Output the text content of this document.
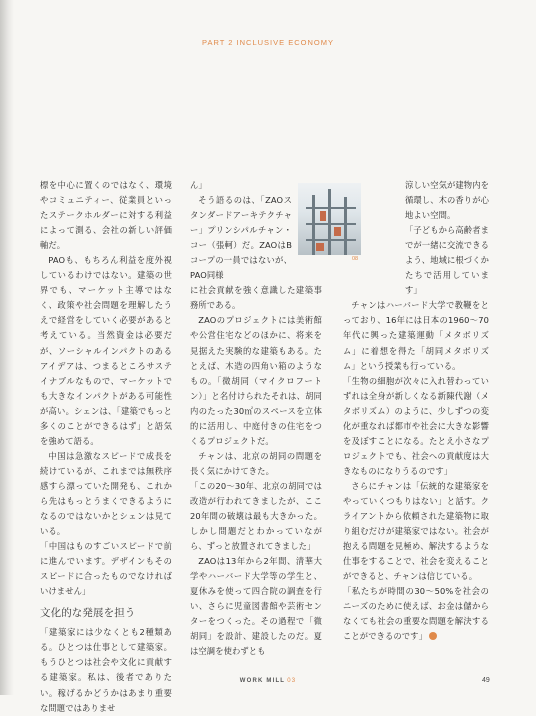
PART 2 INCLUSIVE ECONOMY

標を中心に置くのではなく、環境やコミュニティー、従業員といったステークホルダーに対する利益によって測る、会社の新しい評価軸だ。

PAOも、もちろん利益を度外視しているわけではない。建築の世界でも、マーケット主導ではなく、政策や社会問題を理解したうえで経営をしていく必要があると考えている。当然資金は必要だが、ソーシャルインパクトのあるアイデアは、つまるところサステイナブルなもので、マーケットでも大きなインパクトがある可能性が高い。シェンは、「建築でもっと多くのことができるはず」と語気を強めて語る。

中国は急激なスピードで成長を続けているが、これまでは無秩序感すら漂っていた開発も、これから先はもっとうまくできるようになるのではないかとシェンは見ている。

「中国はものすごいスピードで前に進んでいます。デザインもそのスピードに合ったものでなければいけません」

文化的な発展を担う

「建築家には少なくとも2種類ある。ひとつは仕事として建築家。もうひとつは社会や文化に貢献する建築家。私は、後者でありたい。稼げるかどうかはあまり重要な問題ではありませ

ん」

そう語るのは、「ZAOスタンダードアーキテクチャー」プリンシパルチャン・コー（張軻）だ。ZAOはBコープの一員ではないが、PAO同様

に社会貢献を強く意識した建築事務所である。

ZAOのプロジェクトには美術館や公営住宅などのほかに、将来を見据えた実験的な建築もある。たとえば、木造の四角い箱のようなもの。「微胡同（マイクロフートン）」と名付けられたそれは、胡同内のたった30㎡のスペースを立体的に活用し、中庭付きの住宅をつくるプロジェクトだ。

チャンは、北京の胡同の問題を長く気にかけてきた。

「この20〜30年、北京の胡同では改造が行われてきましたが、ここ20年間の破壊は最も大きかった。しかし問題だとわかっていながら、ずっと放置されてきました」

ZAOは13年から2年間、清華大学やハーバード大学等の学生と、夏休みを使って四合院の調査を行い、さらに児童図書館や芸術センターをつくった。その過程で「微胡同」を設計、建設したのだ。夏は空調を使わずとも

涼しい空気が建物内を循環し、木の香りが心地よい空間。

「子どもから高齢者までが一緒に交流できるよう、地域に根づくかたちで活用しています」

チャンはハーバード大学で教鞭をとっており、16年には日本の1960〜70年代に興った建築運動「メタボリズム」に着想を得た「胡同メタボリズム」という授業も行っている。

「生物の細胞が次々に入れ替わっていずれは全身が新しくなる新陳代謝（メタボリズム）のように、少しずつの変化が重なれば都市や社会に大きな影響を及ぼすことになる。たとえ小さなプロジェクトでも、社会への貢献度は大きなものになりうるのです」

さらにチャンは「伝統的な建築家をやっていくつもりはない」と話す。クライアントから依頼された建築物に取り組むだけが建築家ではない。社会が抱える問題を見極め、解決するような仕事をすることで、社会を変えることができると、チャンは信じている。

「私たちが時間の30〜50%を社会のニーズのために使えば、お金は儲からなくても社会の重要な問題を解決することができるのです」

08
WORK MILL 03	49
